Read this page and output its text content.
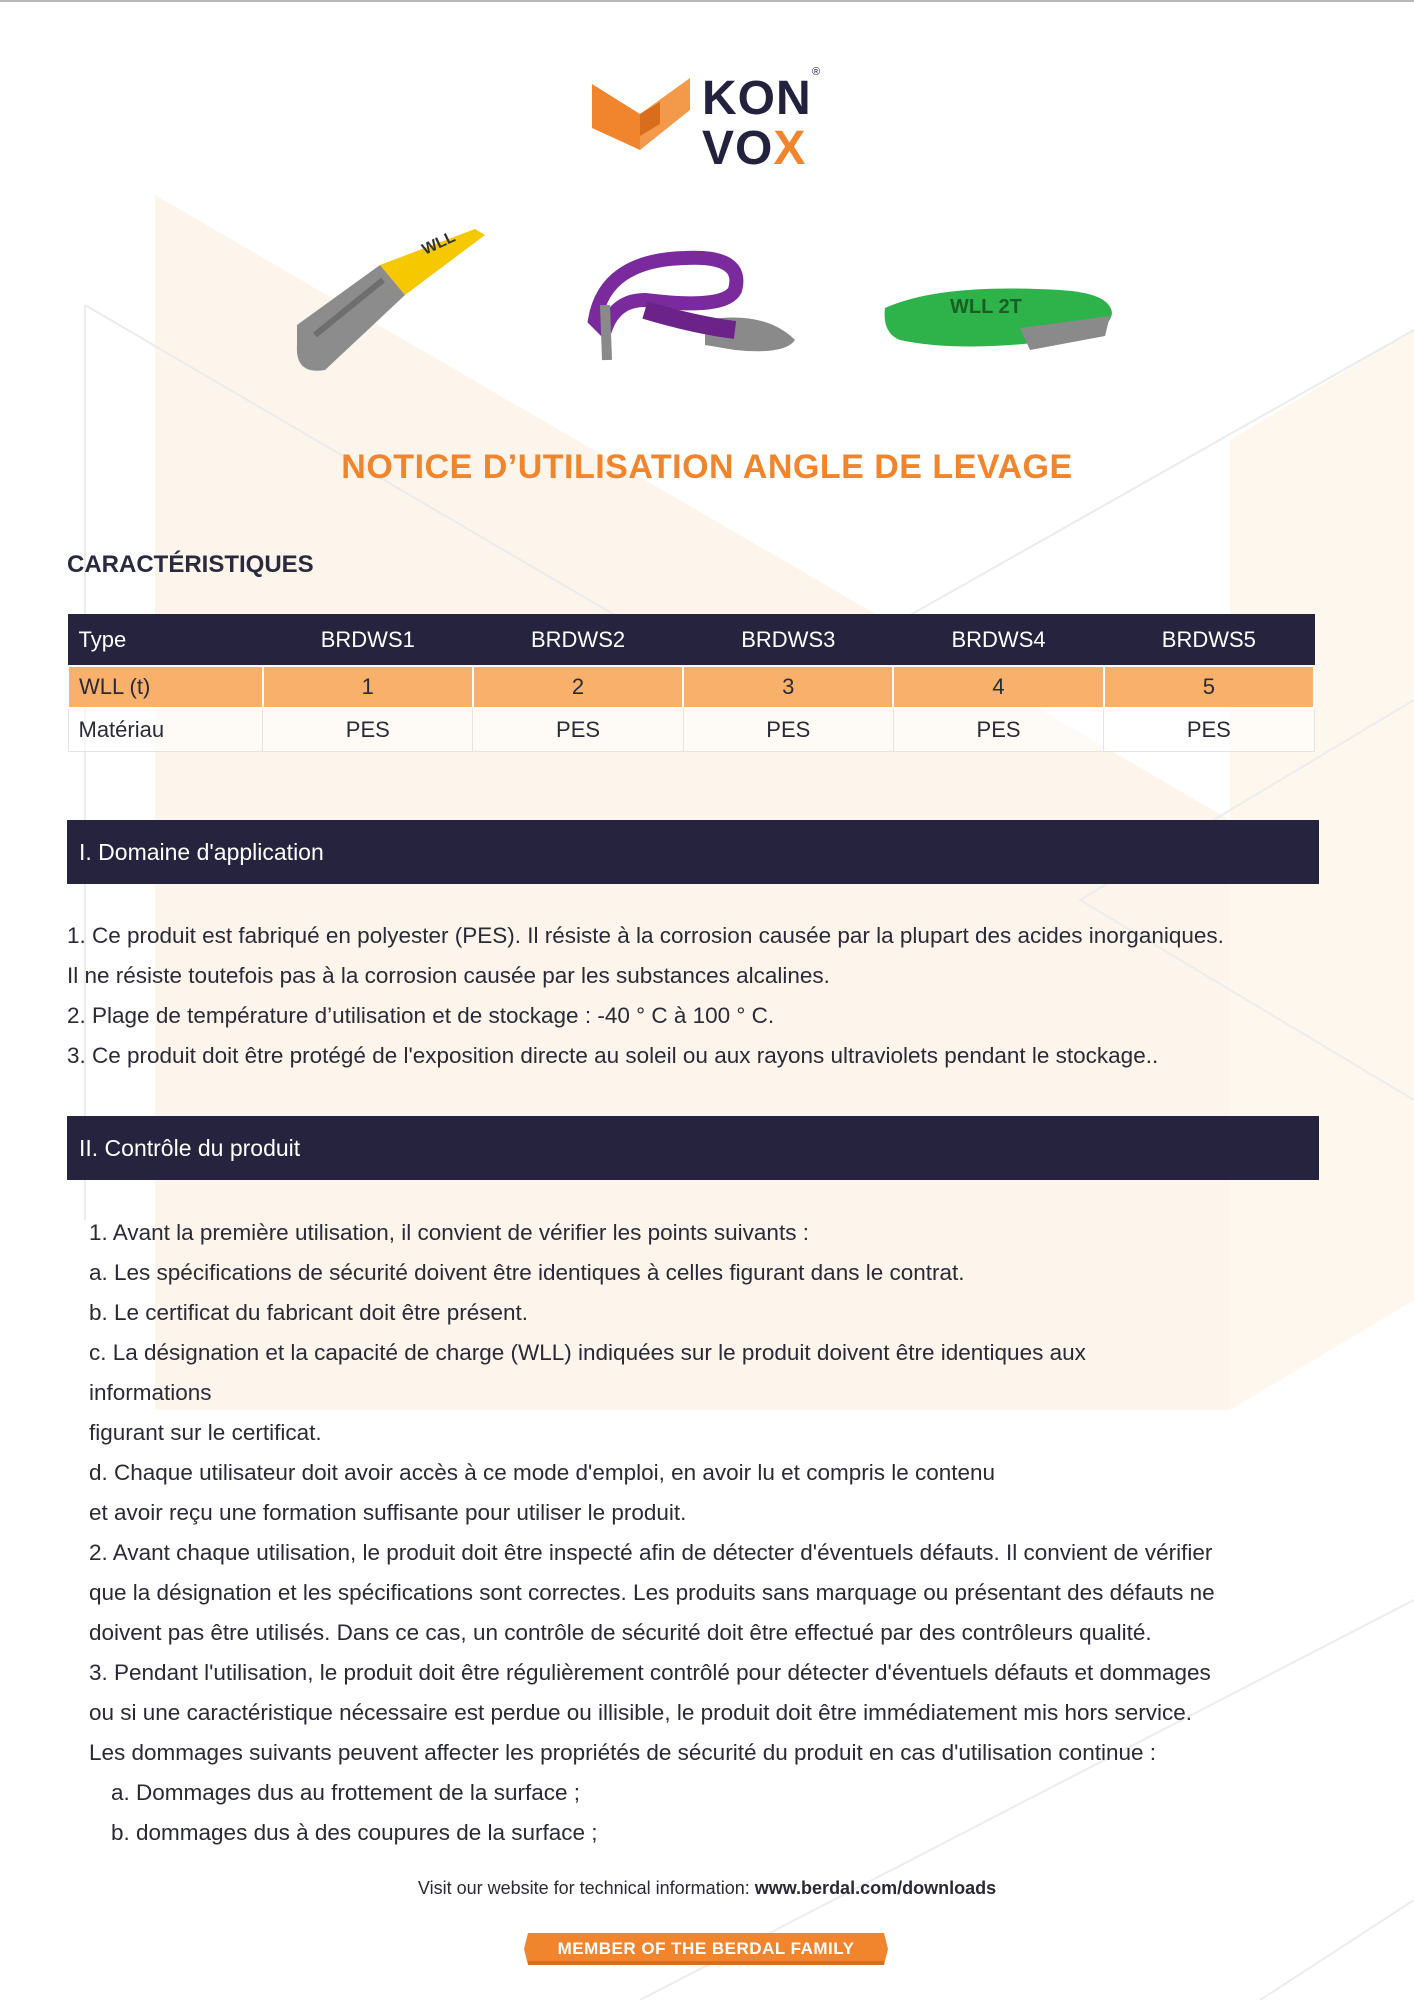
KON
VOX
®
WLL
WLL 2T
NOTICE D’UTILISATION ANGLE DE LEVAGE
CARACTÉRISTIQUES
Type	BRDWS1	BRDWS2	BRDWS3	BRDWS4	BRDWS5
WLL (t)	1	2	3	4	5
Matériau	PES	PES	PES	PES	PES
I. Domaine d'application
1. Ce produit est fabriqué en polyester (PES). Il résiste à la corrosion causée par la plupart des acides inorganiques.
Il ne résiste toutefois pas à la corrosion causée par les substances alcalines.
2. Plage de température d’utilisation et de stockage : -40 ° C à 100 ° C.
3. Ce produit doit être protégé de l'exposition directe au soleil ou aux rayons ultraviolets pendant le stockage..
II. Contrôle du produit
1. Avant la première utilisation, il convient de vérifier les points suivants :
a. Les spécifications de sécurité doivent être identiques à celles figurant dans le contrat.
b. Le certificat du fabricant doit être présent.
c. La désignation et la capacité de charge (WLL) indiquées sur le produit doivent être identiques aux
informations
figurant sur le certificat.
d. Chaque utilisateur doit avoir accès à ce mode d'emploi, en avoir lu et compris le contenu
et avoir reçu une formation suffisante pour utiliser le produit.
2. Avant chaque utilisation, le produit doit être inspecté afin de détecter d'éventuels défauts. Il convient de vérifier
que la désignation et les spécifications sont correctes. Les produits sans marquage ou présentant des défauts ne
doivent pas être utilisés. Dans ce cas, un contrôle de sécurité doit être effectué par des contrôleurs qualité.
3. Pendant l'utilisation, le produit doit être régulièrement contrôlé pour détecter d'éventuels défauts et dommages
ou si une caractéristique nécessaire est perdue ou illisible, le produit doit être immédiatement mis hors service.
Les dommages suivants peuvent affecter les propriétés de sécurité du produit en cas d'utilisation continue :
a. Dommages dus au frottement de la surface ;
b. dommages dus à des coupures de la surface ;
Visit our website for technical information: www.berdal.com/downloads
MEMBER OF THE BERDAL FAMILY
